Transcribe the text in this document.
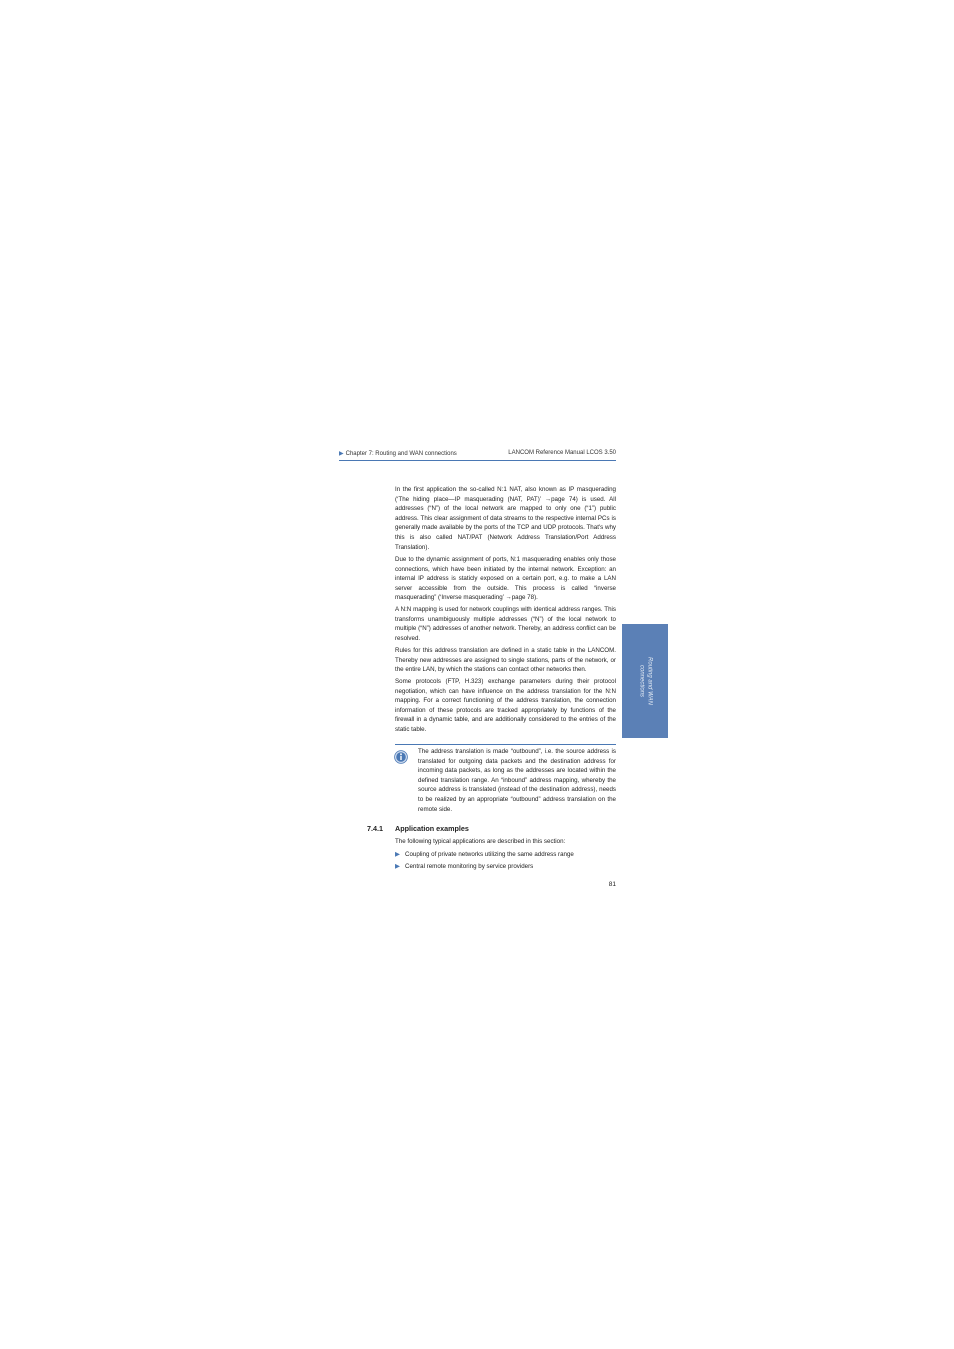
▶ Chapter 7: Routing and WAN connections	LANCOM Reference Manual LCOS 3.50
In the first application the so-called N:1 NAT, also known as IP masquerading (‘The hiding place—IP masquerading (NAT, PAT)’ →page 74) is used. All addresses (“N”) of the local network are mapped to only one (“1”) public address. This clear assignment of data streams to the respective internal PCs is generally made available by the ports of the TCP and UDP protocols. That's why this is also called NAT/PAT (Network Address Translation/Port Address Translation).
Due to the dynamic assignment of ports, N:1 masquerading enables only those connections, which have been initiated by the internal network. Exception: an internal IP address is staticly exposed on a certain port, e.g. to make a LAN server accessible from the outside. This process is called “inverse masquerading” (‘Inverse masquerading’ →page 78).
A N:N mapping is used for network couplings with identical address ranges. This transforms unambiguously multiple addresses (“N”) of the local network to multiple (“N”) addresses of another network. Thereby, an address conflict can be resolved.
Rules for this address translation are defined in a static table in the LANCOM. Thereby new addresses are assigned to single stations, parts of the network, or the entire LAN, by which the stations can contact other networks then.
Some protocols (FTP, H.323) exchange parameters during their protocol negotiation, which can have influence on the address translation for the N:N mapping. For a correct functioning of the address translation, the connection information of these protocols are tracked appropriately by functions of the firewall in a dynamic table, and are additionally considered to the entries of the static table.
The address translation is made “outbound”, i.e. the source address is translated for outgoing data packets and the destination address for incoming data packets, as long as the addresses are located within the defined translation range. An “inbound” address mapping, whereby the source address is translated (instead of the destination address), needs to be realized by an appropriate “outbound” address translation on the remote side.
7.4.1 Application examples
The following typical applications are described in this section:
▶ Coupling of private networks utilizing the same address range
▶ Central remote monitoring by service providers
81
Routing and WAN
connections
